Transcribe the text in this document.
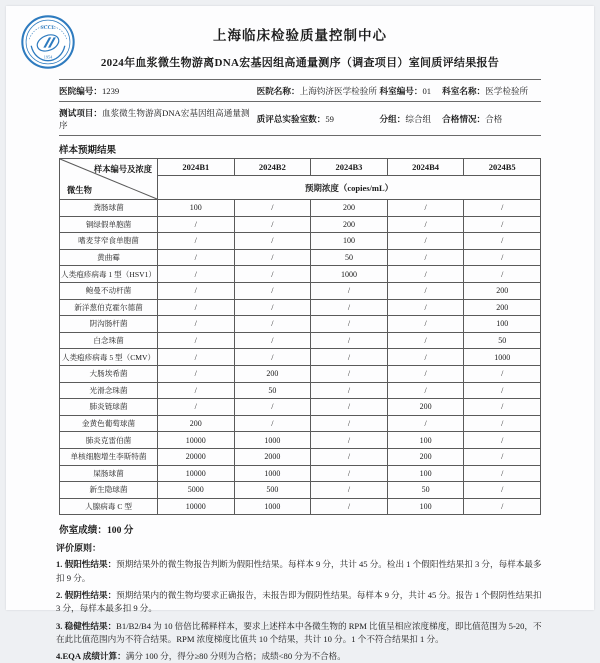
SCCL
1954
上海临床检验质量控制中心
2024年血浆微生物游离DNA宏基因组高通量测序（调查项目）室间质评结果报告
医院编号：1239	医院名称：上海钧济医学检验所	科室编号：01	科室名称：医学检验所
测试项目：血浆微生物游离DNA宏基因组高通量测序	质评总实验室数：59	分组：综合组	合格情况：合格
样本预期结果
样本编号及浓度
微生物	2024B1	2024B2	2024B3	2024B4	2024B5
	预期浓度（copies/mL）				
粪肠球菌	100	/	200	/	/
铜绿假单胞菌	/	/	200	/	/
嗜麦芽窄食单胞菌	/	/	100	/	/
黄曲霉	/	/	50	/	/
人类疱疹病毒 1 型（HSV1）	/	/	1000	/	/
鲍曼不动杆菌	/	/	/	/	200
新洋葱伯克霍尔德菌	/	/	/	/	200
阴沟肠杆菌	/	/	/	/	100
白念珠菌	/	/	/	/	50
人类疱疹病毒 5 型（CMV）	/	/	/	/	1000
大肠埃希菌	/	200	/	/	/
光滑念珠菌	/	50	/	/	/
肺炎链球菌	/	/	/	200	/
金黄色葡萄球菌	200	/	/	/	/
肺炎克雷伯菌	10000	1000	/	100	/
单核细胞增生李斯特菌	20000	2000	/	200	/
屎肠球菌	10000	1000	/	100	/
新生隐球菌	5000	500	/	50	/
人腺病毒 C 型	10000	1000	/	100	/
你室成绩：100 分
评价原则：
1. 假阳性结果：预期结果外的微生物报告判断为假阳性结果。每样本 9 分，共计 45 分。检出 1 个假阳性结果扣 3 分，每样本最多扣 9 分。
2. 假阴性结果：预期结果内的微生物均要求正确报告，未报告即为假阴性结果。每样本 9 分，共计 45 分。报告 1 个假阴性结果扣 3 分，每样本最多扣 9 分。
3. 稳健性结果：B1/B2/B4 为 10 倍倍比稀释样本，要求上述样本中各微生物的 RPM 比值呈相应浓度梯度，即比值范围为 5-20，不在此比值范围内为不符合结果。RPM 浓度梯度比值共 10 个结果，共计 10 分。1 个不符合结果扣 1 分。
4.EQA 成绩计算：满分 100 分，得分≥80 分则为合格；成绩<80 分为不合格。
